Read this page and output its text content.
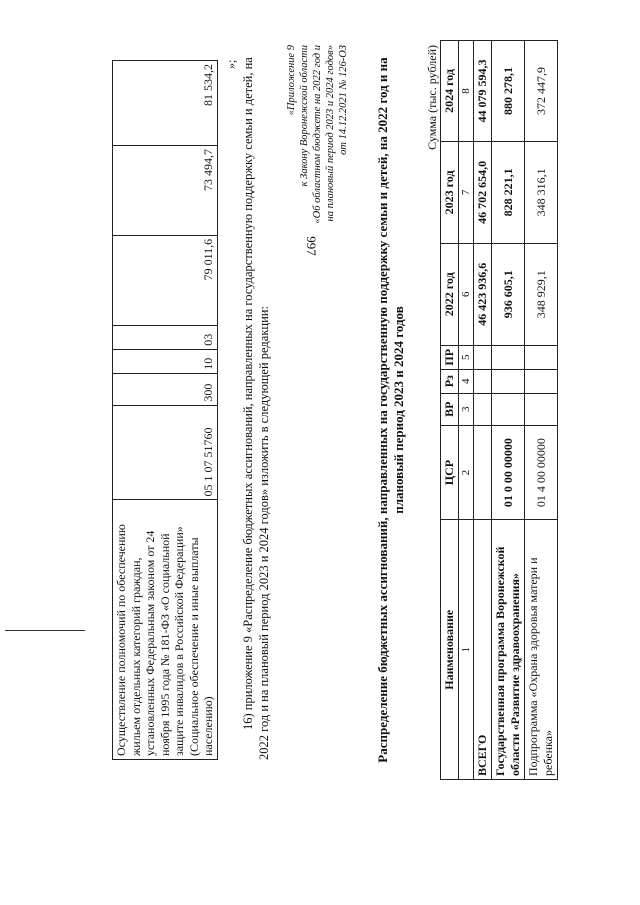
997
Осуществление полномочий по обеспечению жильем отдельных категорий граждан, установленных Федеральным законом от 24 ноября 1995 года № 181-ФЗ «О социальной защите инвалидов в Российской Федерации» (Социальное обеспечение и иные выплаты населению)	05 1 07 51760	300	10	03	79 011,6	73 494,7	81 534,2 »; 16) приложение 9 «Распределение бюджетных ассигнований, направленных на государственную поддержку семьи и детей, на 2022 год и на плановый период 2023 и 2024 годов» изложить в следующей редакции:

«Приложение 9 к Закону Воронежской области «Об областном бюджете на 2022 год и на плановый период 2023 и 2024 годов» от 14.12.2021 № 126-ОЗ Распределение бюджетных ассигнований, направленных на государственную поддержку семьи и детей, на 2022 год и на плановый период 2023 и 2024 годов
Сумма (тыс. рублей)
Наименование	ЦСР	ВР	Рз	ПР	2022 год	2023 год	2024 год
1	2	3	4	5	6	7	8
ВСЕГО					46 423 936,6	46 702 654,0	44 079 594,3
Государственная программа Воронежской области «Развитие здравоохранения»	01 0 00 00000				936 605,1	828 221,1	880 278,1
Подпрограмма «Охрана здоровья матери и ребенка»	01 4 00 00000				348 929,1	348 316,1	372 447,9
